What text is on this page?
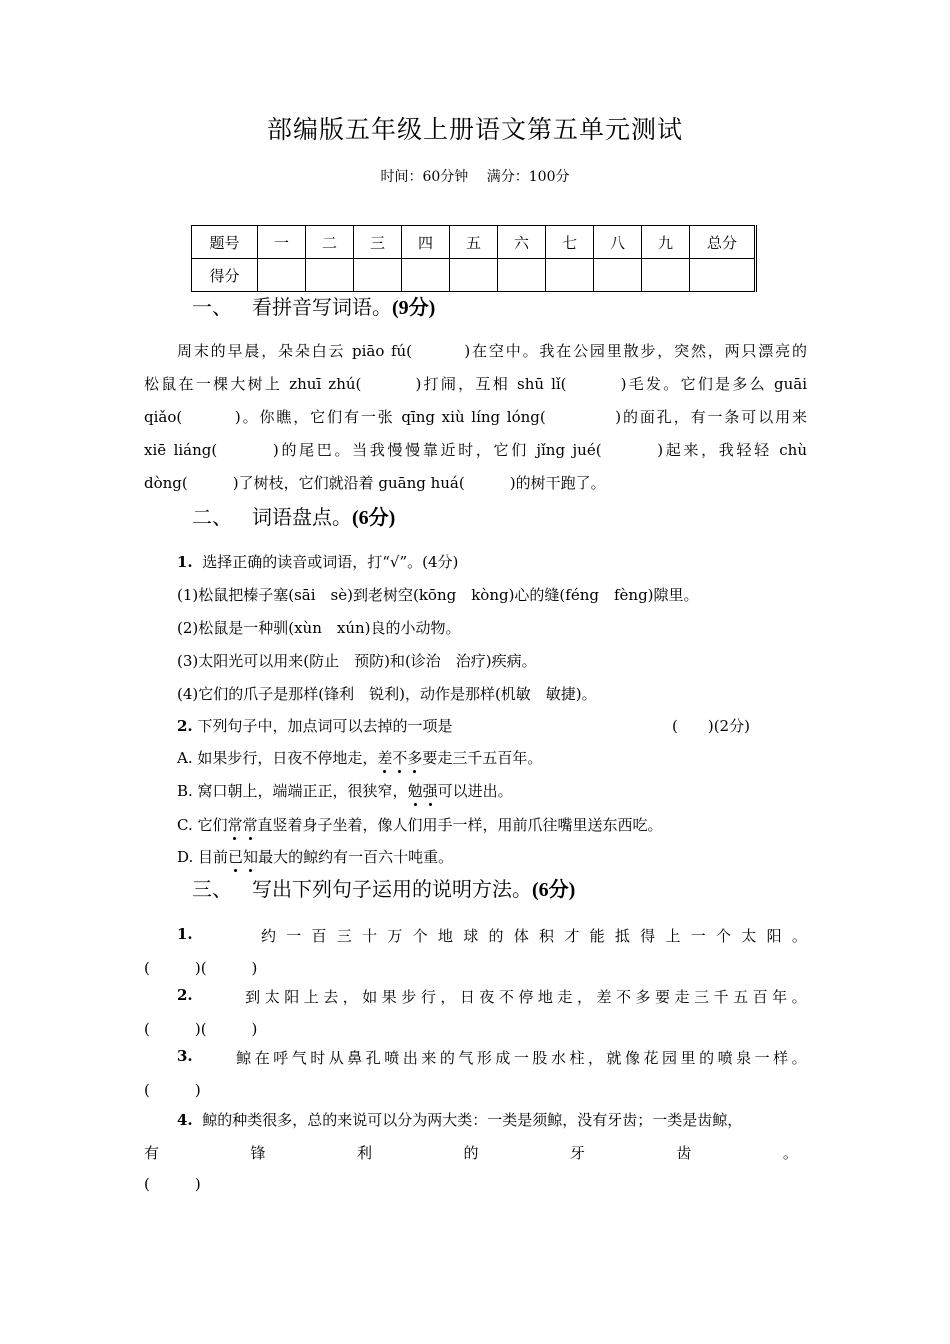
部编版五年级上册语文第五单元测试
时间：60分钟 满分：100分
题号	一	二	三	四	五	六	七	八	九	总分
得分										
一、 看拼音写词语。(9分)
周末的早晨，朵朵白云 piāo fú(　　　)在空中。我在公园里散步，突然，两只漂亮的
松鼠在一棵大树上 zhuī zhú(　　　)打闹，互相 shū lǐ(　　　)毛发。它们是多么 guāi
qiǎo(　　　)。你瞧，它们有一张 qīng xiù líng lóng(　　　　)的面孔，有一条可以用来
xiē liáng(　　　)的尾巴。当我慢慢靠近时，它们 jǐng jué(　　　)起来，我轻轻 chù
dòng(　　　)了树枝，它们就沿着 guāng huá(　　　)的树干跑了。
二、 词语盘点。(6分)
1. 选择正确的读音或词语，打“√”。(4分)
(1)松鼠把榛子塞(sāi　sè)到老树空(kōng　kòng)心的缝(féng　fèng)隙里。
(2)松鼠是一种驯(xùn　xún)良的小动物。
(3)太阳光可以用来(防止　预防)和(诊治　治疗)疾病。
(4)它们的爪子是那样(锋利　锐利)，动作是那样(机敏　敏捷)。
2. 下列句子中，加点词可以去掉的一项是	(　　)(2分)
A. 如果步行，日夜不停地走，差不多要走三千五百年。
B. 窝口朝上，端端正正，很狭窄，勉强可以进出。
C. 它们常常直竖着身子坐着，像人们用手一样，用前爪往嘴里送东西吃。
D. 目前已知最大的鲸约有一百六十吨重。
三、 写出下列句子运用的说明方法。(6分)
1.	约 一 百 三 十 万 个 地 球 的 体 积 才 能 抵 得 上 一 个 太 阳 。
(　　　)(　　　)
2.	到 太 阳 上 去 ， 如 果 步 行 ， 日 夜 不 停 地 走 ， 差 不 多 要 走 三 千 五 百 年 。
(　　　)(　　　)
3.	鲸 在 呼 气 时 从 鼻 孔 喷 出 来 的 气 形 成 一 股 水 柱 ， 就 像 花 园 里 的 喷 泉 一 样 。
(　　　)
4. 鲸的种类很多，总的来说可以分为两大类：一类是须鲸，没有牙齿；一类是齿鲸，
有	锋	利	的	牙	齿	。
(　　　)
